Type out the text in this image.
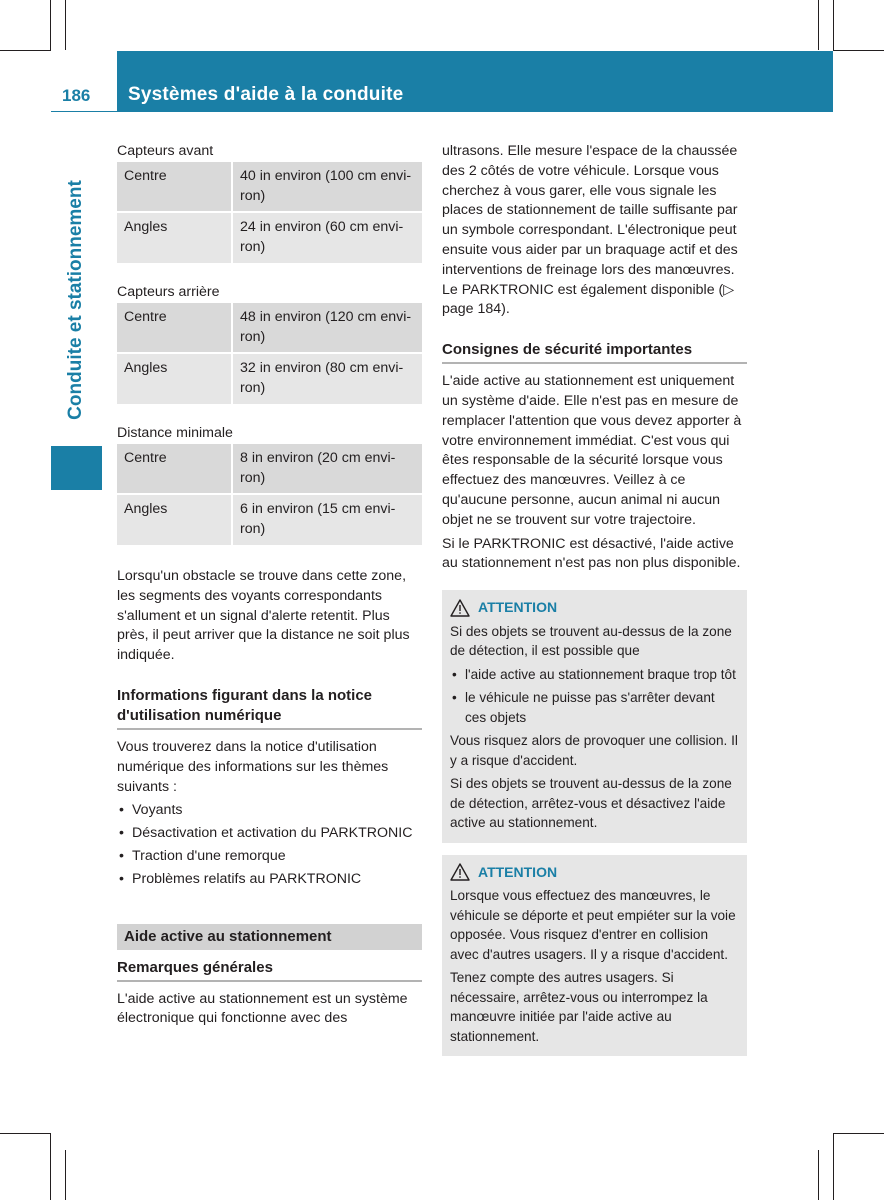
186 Systèmes d'aide à la conduite
Conduite et stationnement

Capteurs avant

Centre	40 in environ (100 cm envi-
ron)
Angles	24 in environ (60 cm envi-
ron)

Capteurs arrière

Centre	48 in environ (120 cm envi-
ron)
Angles	32 in environ (80 cm envi-
ron)

Distance minimale

Centre	8 in environ (20 cm envi-
ron)
Angles	6 in environ (15 cm envi-
ron)

Lorsqu'un obstacle se trouve dans cette zone, les segments des voyants correspondants s'allument et un signal d'alerte retentit. Plus près, il peut arriver que la distance ne soit plus indiquée.

Informations figurant dans la notice d'utilisation numérique

Vous trouverez dans la notice d'utilisation numérique des informations sur les thèmes suivants :

• Voyants
• Désactivation et activation du PARKTRONIC
• Traction d'une remorque
• Problèmes relatifs au PARKTRONIC
Aide active au stationnement
Remarques générales

L'aide active au stationnement est un système électronique qui fonctionne avec des

ultrasons. Elle mesure l'espace de la chaussée des 2 côtés de votre véhicule. Lorsque vous cherchez à vous garer, elle vous signale les places de stationnement de taille suffisante par un symbole correspondant. L'électronique peut ensuite vous aider par un braquage actif et des interventions de freinage lors des manœuvres. Le PARKTRONIC est également disponible (▷ page 184).

Consignes de sécurité importantes

L'aide active au stationnement est uniquement un système d'aide. Elle n'est pas en mesure de remplacer l'attention que vous devez apporter à votre environnement immédiat. C'est vous qui êtes responsable de la sécurité lorsque vous effectuez des manœuvres. Veillez à ce qu'aucune personne, aucun animal ni aucun objet ne se trouvent sur votre trajectoire.

Si le PARKTRONIC est désactivé, l'aide active au stationnement n'est pas non plus disponible.

ATTENTION

Si des objets se trouvent au-dessus de la zone de détection, il est possible que

• l'aide active au stationnement braque trop tôt
• le véhicule ne puisse pas s'arrêter devant ces objets

Vous risquez alors de provoquer une collision. Il y a risque d'accident.

Si des objets se trouvent au-dessus de la zone de détection, arrêtez-vous et désactivez l'aide active au stationnement.

ATTENTION

Lorsque vous effectuez des manœuvres, le véhicule se déporte et peut empiéter sur la voie opposée. Vous risquez d'entrer en collision avec d'autres usagers. Il y a risque d'accident.

Tenez compte des autres usagers. Si nécessaire, arrêtez-vous ou interrompez la manœuvre initiée par l'aide active au stationnement.
